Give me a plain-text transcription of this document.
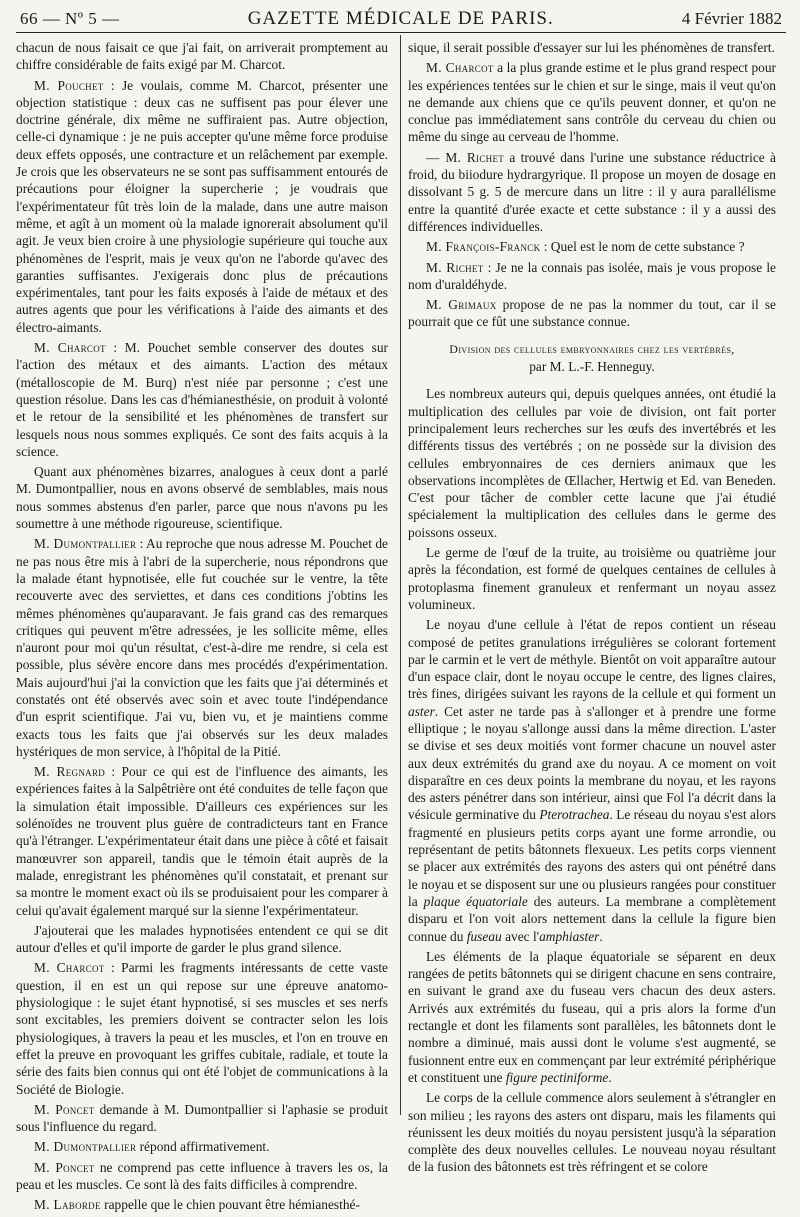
66 — Nº 5 —	GAZETTE MÉDICALE DE PARIS.	4 Février 1882

chacun de nous faisait ce que j'ai fait, on arriverait promptement au chiffre considérable de faits exigé par M. Charcot.

M. Pouchet : Je voulais, comme M. Charcot, présenter une objection statistique : deux cas ne suffisent pas pour élever une doctrine générale, dix même ne suffiraient pas. Autre objection, celle-ci dynamique : je ne puis accepter qu'une même force produise deux effets opposés, une contracture et un relâchement par exemple. Je crois que les observateurs ne se sont pas suffisamment entourés de précautions pour éloigner la supercherie ; je voudrais que l'expérimentateur fût très loin de la malade, dans une autre maison même, et agît à un moment où la malade ignorerait absolument qu'il agit. Je veux bien croire à une physiologie supérieure qui touche aux phénomènes de l'esprit, mais je veux qu'on ne l'aborde qu'avec des garanties suffisantes. J'exigerais donc plus de précautions expérimentales, tant pour les faits exposés à l'aide de métaux et des autres agents que pour les vérifications à l'aide des aimants et des électro-aimants.

M. Charcot : M. Pouchet semble conserver des doutes sur l'action des métaux et des aimants. L'action des métaux (métalloscopie de M. Burq) n'est niée par personne ; c'est une question résolue. Dans les cas d'hémianesthésie, on produit à volonté et le retour de la sensibilité et les phénomènes de transfert sur lesquels nous nous sommes expliqués. Ce sont des faits acquis à la science.

Quant aux phénomènes bizarres, analogues à ceux dont a parlé M. Dumontpallier, nous en avons observé de semblables, mais nous nous sommes abstenus d'en parler, parce que nous n'avons pu les soumettre à une méthode rigoureuse, scientifique.

M. Dumontpallier : Au reproche que nous adresse M. Pouchet de ne pas nous être mis à l'abri de la supercherie, nous répondrons que la malade étant hypnotisée, elle fut couchée sur le ventre, la tête recouverte avec des serviettes, et dans ces conditions j'obtins les mêmes phénomènes qu'auparavant. Je fais grand cas des remarques critiques qui peuvent m'être adressées, je les sollicite même, elles n'auront pour moi qu'un résultat, c'est-à-dire me rendre, si cela est possible, plus sévère encore dans mes procédés d'expérimentation. Mais aujourd'hui j'ai la conviction que les faits que j'ai déterminés et constatés ont été observés avec soin et avec toute l'indépendance d'un esprit scientifique. J'ai vu, bien vu, et je maintiens comme exacts tous les faits que j'ai observés sur les deux malades hystériques de mon service, à l'hôpital de la Pitié.

M. Regnard : Pour ce qui est de l'influence des aimants, les expériences faites à la Salpêtrière ont été conduites de telle façon que la simulation était impossible. D'ailleurs ces expériences sur les solénoïdes ne trouvent plus guère de contradicteurs tant en France qu'à l'étranger. L'expérimentateur était dans une pièce à côté et faisait manœuvrer son appareil, tandis que le témoin était auprès de la malade, enregistrant les phénomènes qu'il constatait, et prenant sur sa montre le moment exact où ils se produisaient pour les comparer à celui qu'avait également marqué sur la sienne l'expérimentateur.

J'ajouterai que les malades hypnotisées entendent ce qui se dit autour d'elles et qu'il importe de garder le plus grand silence.

M. Charcot : Parmi les fragments intéressants de cette vaste question, il en est un qui repose sur une épreuve anatomo-physiologique : le sujet étant hypnotisé, si ses muscles et ses nerfs sont excitables, les premiers doivent se contracter selon les lois physiologiques, à travers la peau et les muscles, et l'on en trouve en effet la preuve en provoquant les griffes cubitale, radiale, et toute la série des faits bien connus qui ont été l'objet de communications à la Société de Biologie.

M. Poncet demande à M. Dumontpallier si l'aphasie se produit sous l'influence du regard.

M. Dumontpallier répond affirmativement.

M. Poncet ne comprend pas cette influence à travers les os, la peau et les muscles. Ce sont là des faits difficiles à comprendre.

M. Laborde rappelle que le chien pouvant être hémianesthé-

sique, il serait possible d'essayer sur lui les phénomènes de transfert.

M. Charcot a la plus grande estime et le plus grand respect pour les expériences tentées sur le chien et sur le singe, mais il veut qu'on ne demande aux chiens que ce qu'ils peuvent donner, et qu'on ne conclue pas immédiatement sans contrôle du cerveau du chien ou même du singe au cerveau de l'homme.

— M. Richet a trouvé dans l'urine une substance réductrice à froid, du biiodure hydrargyrique. Il propose un moyen de dosage en dissolvant 5 g. 5 de mercure dans un litre : il y aura parallélisme entre la quantité d'urée exacte et cette substance : il y a aussi des différences individuelles.

M. François-Franck : Quel est le nom de cette substance ?

M. Richet : Je ne la connais pas isolée, mais je vous propose le nom d'uraldéhyde.

M. Grimaux propose de ne pas la nommer du tout, car il se pourrait que ce fût une substance connue.

Division des cellules embryonnaires chez les vertébrés,
par M. L.-F. Henneguy.

Les nombreux auteurs qui, depuis quelques années, ont étudié la multiplication des cellules par voie de division, ont fait porter principalement leurs recherches sur les œufs des invertébrés et les différents tissus des vertébrés ; on ne possède sur la division des cellules embryonnaires de ces derniers animaux que les observations incomplètes de Œllacher, Hertwig et Ed. van Beneden. C'est pour tâcher de combler cette lacune que j'ai étudié spécialement la multiplication des cellules dans le germe des poissons osseux.

Le germe de l'œuf de la truite, au troisième ou quatrième jour après la fécondation, est formé de quelques centaines de cellules à protoplasma finement granuleux et renfermant un noyau assez volumineux.

Le noyau d'une cellule à l'état de repos contient un réseau composé de petites granulations irrégulières se colorant fortement par le carmin et le vert de méthyle. Bientôt on voit apparaître autour d'un espace clair, dont le noyau occupe le centre, des lignes claires, très fines, dirigées suivant les rayons de la cellule et qui forment un aster. Cet aster ne tarde pas à s'allonger et à prendre une forme elliptique ; le noyau s'allonge aussi dans la même direction. L'aster se divise et ses deux moitiés vont former chacune un nouvel aster aux deux extrémités du grand axe du noyau. A ce moment on voit disparaître en ces deux points la membrane du noyau, et les rayons des asters pénétrer dans son intérieur, ainsi que Fol l'a décrit dans la vésicule germinative du Pterotrachea. Le réseau du noyau s'est alors fragmenté en plusieurs petits corps ayant une forme arrondie, ou représentant de petits bâtonnets flexueux. Les petits corps viennent se placer aux extrémités des rayons des asters qui ont pénétré dans le noyau et se disposent sur une ou plusieurs rangées pour constituer la plaque équatoriale des auteurs. La membrane a complètement disparu et l'on voit alors nettement dans la cellule la figure bien connue du fuseau avec l'amphiaster.

Les éléments de la plaque équatoriale se séparent en deux rangées de petits bâtonnets qui se dirigent chacune en sens contraire, en suivant le grand axe du fuseau vers chacun des deux asters. Arrivés aux extrémités du fuseau, qui a pris alors la forme d'un rectangle et dont les filaments sont parallèles, les bâtonnets dont le nombre a diminué, mais aussi dont le volume s'est augmenté, se fusionnent entre eux en commençant par leur extrémité périphérique et constituent une figure pectiniforme.

Le corps de la cellule commence alors seulement à s'étrangler en son milieu ; les rayons des asters ont disparu, mais les filaments qui réunissent les deux moitiés du noyau persistent jusqu'à la séparation complète des deux nouvelles cellules. Le nouveau noyau résultant de la fusion des bâtonnets est très réfringent et se colore
